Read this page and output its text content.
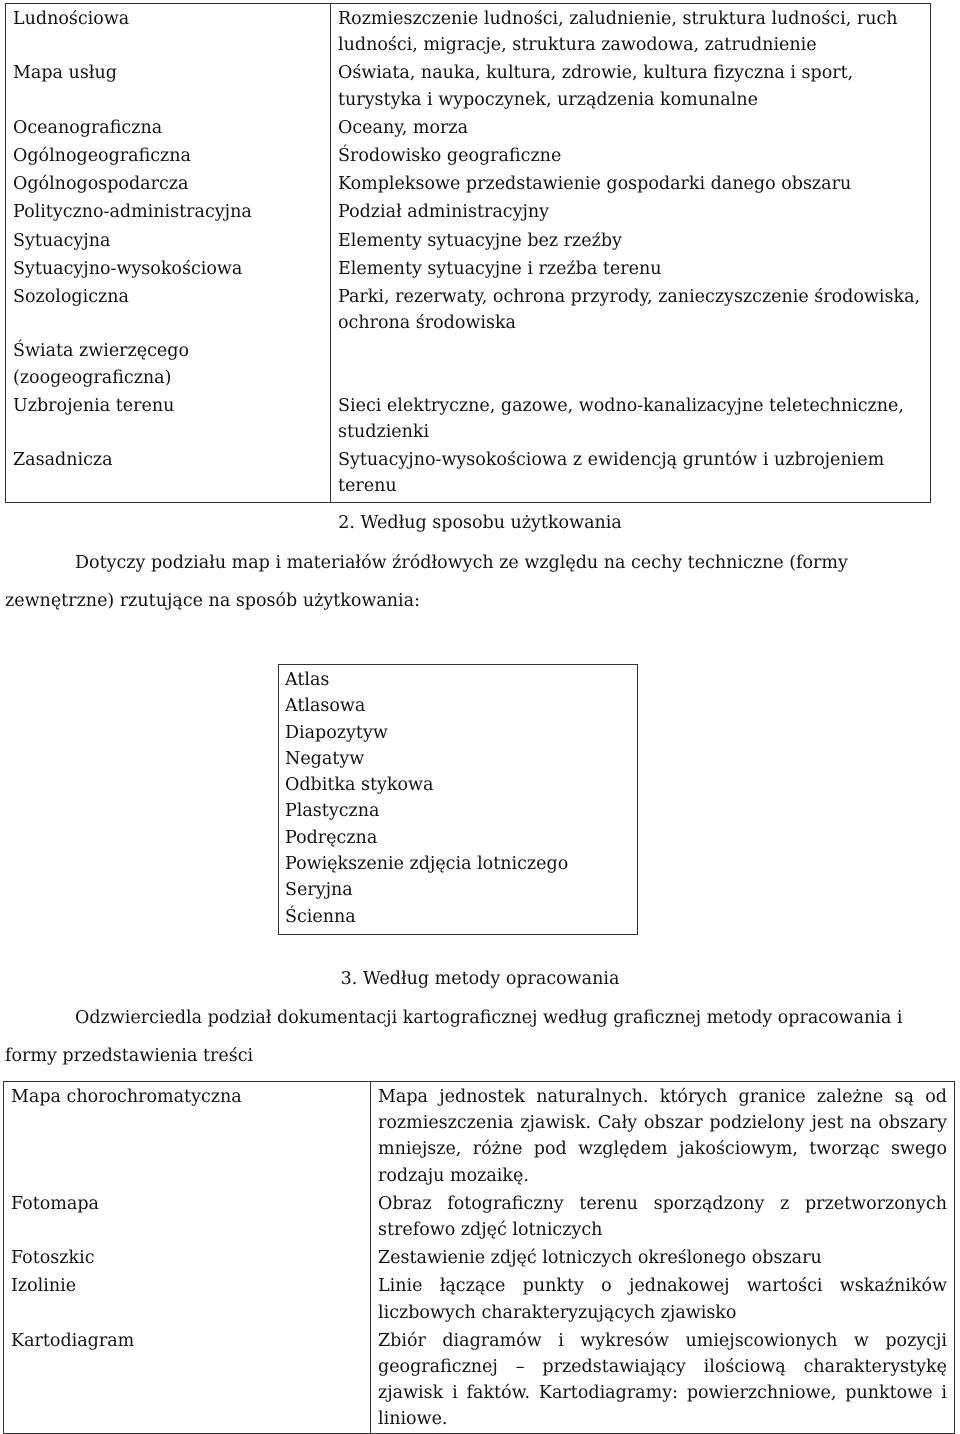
Ludnościowa	Rozmieszczenie ludności, zaludnienie, struktura ludności, ruch ludności, migracje, struktura zawodowa, zatrudnienie
Mapa usług	Oświata, nauka, kultura, zdrowie, kultura fizyczna i sport, turystyka i wypoczynek, urządzenia komunalne
Oceanograficzna	Oceany, morza
Ogólnogeograficzna	Środowisko geograficzne
Ogólnogospodarcza	Kompleksowe przedstawienie gospodarki danego obszaru
Polityczno-administracyjna	Podział administracyjny
Sytuacyjna	Elementy sytuacyjne bez rzeźby
Sytuacyjno-wysokościowa	Elementy sytuacyjne i rzeźba terenu
Sozologiczna	Parki, rezerwaty, ochrona przyrody, zanieczyszczenie środowiska, ochrona środowiska
Świata zwierzęcego (zoogeograficzna)	
Uzbrojenia terenu	Sieci elektryczne, gazowe, wodno-kanalizacyjne teletechniczne, studzienki
Zasadnicza	Sytuacyjno-wysokościowa z ewidencją gruntów i uzbrojeniem terenu
2. Według sposobu użytkowania

Dotyczy podziału map i materiałów źródłowych ze względu na cechy techniczne (formy

zewnętrzne) rzutujące na sposób użytkowania:

Atlas
Atlasowa
Diapozytyw
Negatyw
Odbitka stykowa
Plastyczna
Podręczna
Powiększenie zdjęcia lotniczego
Seryjna
Ścienna
3. Według metody opracowania

Odzwierciedla podział dokumentacji kartograficznej według graficznej metody opracowania i

formy przedstawienia treści

Mapa chorochromatyczna	Mapa jednostek naturalnych. których granice zależne są od rozmieszczenia zjawisk. Cały obszar podzielony jest na obszary mniejsze, różne pod względem jakościowym, tworząc swego rodzaju mozaikę.
Fotomapa	Obraz fotograficzny terenu sporządzony z przetworzonych strefowo zdjęć lotniczych
Fotoszkic	Zestawienie zdjęć lotniczych określonego obszaru
Izolinie	Linie łączące punkty o jednakowej wartości wskaźników liczbowych charakteryzujących zjawisko
Kartodiagram	Zbiór diagramów i wykresów umiejscowionych w pozycji geograficznej – przedstawiający ilościową charakterystykę zjawisk i faktów. Kartodiagramy: powierzchniowe, punktowe i liniowe.
